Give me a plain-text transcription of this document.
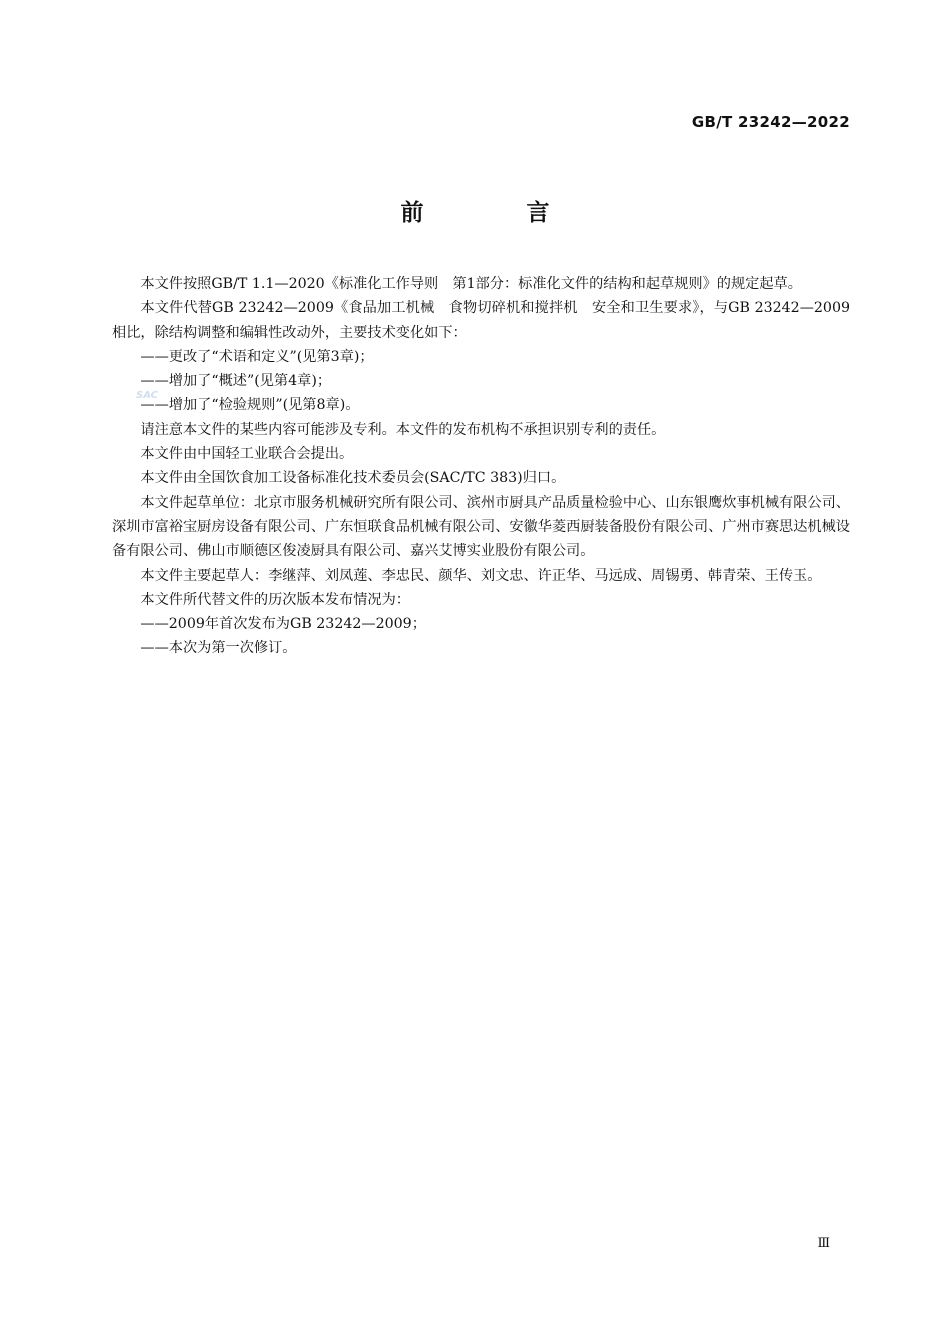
GB/T 23242—2022
前　言
SAC

本文件按照GB/T 1.1—2020《标准化工作导则　第1部分：标准化文件的结构和起草规则》的规定起草。

本文件代替GB 23242—2009《食品加工机械　食物切碎机和搅拌机　安全和卫生要求》，与GB 23242—2009相比，除结构调整和编辑性改动外，主要技术变化如下：

——更改了“术语和定义”(见第3章)；

——增加了“概述”(见第4章)；

——增加了“检验规则”(见第8章)。

请注意本文件的某些内容可能涉及专利。本文件的发布机构不承担识别专利的责任。

本文件由中国轻工业联合会提出。

本文件由全国饮食加工设备标准化技术委员会(SAC/TC 383)归口。

本文件起草单位：北京市服务机械研究所有限公司、滨州市厨具产品质量检验中心、山东银鹰炊事机械有限公司、深圳市富裕宝厨房设备有限公司、广东恒联食品机械有限公司、安徽华菱西厨装备股份有限公司、广州市赛思达机械设备有限公司、佛山市顺德区俊凌厨具有限公司、嘉兴艾博实业股份有限公司。

本文件主要起草人：李继萍、刘凤莲、李忠民、颜华、刘文忠、许正华、马远成、周锡勇、韩青荣、王传玉。

本文件所代替文件的历次版本发布情况为：

——2009年首次发布为GB 23242—2009；

——本次为第一次修订。

Ⅲ
